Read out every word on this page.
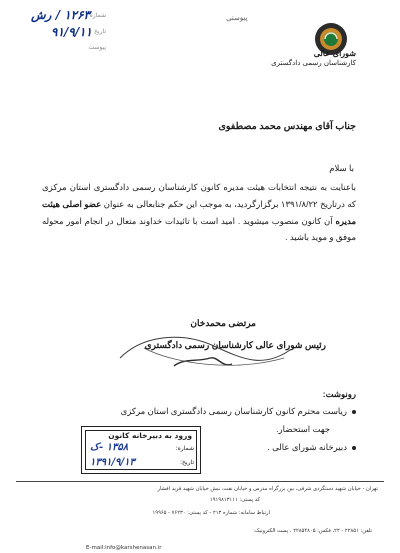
پیوستی
شورای عالی
کارشناسان رسمی دادگستری
شماره
۱۲۶۳ / رش
تاریخ
۹۱/۹/۱۱
پیوست
جناب آقای مهندس محمد مصطفوی
با سلام
باعنایت به نتیجه انتخابات هیئت مدیره کانون کارشناسان رسمی دادگستری استان مرکزی که درتاریخ ۱۳۹۱/۸/۲۲ برگزارگردید، به موجب این حکم جنابعالی به عنوان عضو اصلی هیئت مدیره آن کانون منصوب میشوید . امید است با تائیدات خداوند متعال در انجام امور محوله موفق و موید باشید .
مرتضی محمدخان
رئیس شورای عالی کارشناسان رسمی دادگستری
رونوشت:
ریاست محترم کانون کارشناسان رسمی دادگستری استان مرکزی
جهت استحضار.
دبیرخانه شورای عالی .
ورود به دبیرخانه کانون
شماره:
۱۳۵۸ -ک
تاریخ:
۱۳۹۱/۹/۱۳
تهران - خیابان شهید دستگردی شرقی، بین بزرگراه مدرس و خیابان نفت، نبش خیابان شهید فرید افشار
کد پستی: ۱۹۱۹۸۱۳۱۱۱
ارتباط سامانه: شماره ۲۱۳ - کد پستی: ۷۶۲۳۰ - ۱۹۹۶۵
تلفن: ۲۲۸۵۱ - ۲۲، فکس: ۲۲۸۵۴۸۰۵ ، پست الکترونیک:
E-mail:info@karshenasan.ir
